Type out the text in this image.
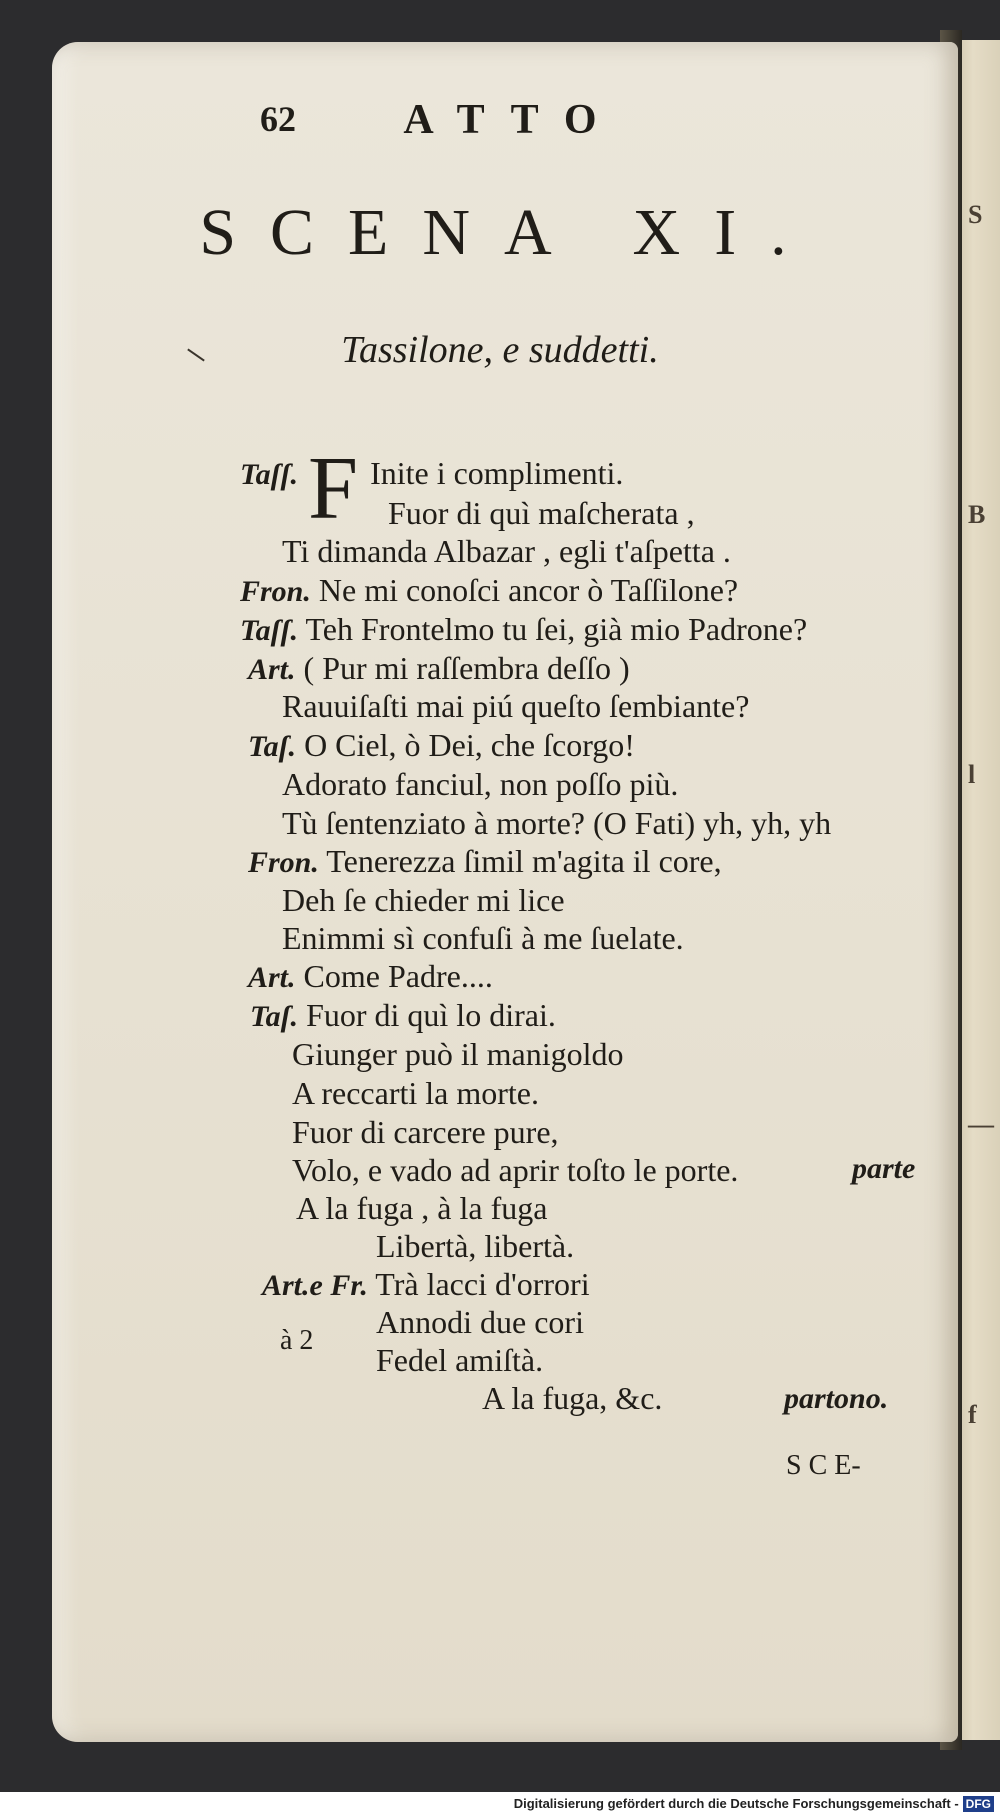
62	ATTO
SCENA XI.
Tassilone, e suddetti.
F
Taſſ. Inite i complimenti.
Fuor di quì maſcherata ,
Ti dimanda Albazar , egli t'aſpetta .
Fron. Ne mi conoſci ancor ò Taſſilone?
Taſſ. Teh Frontelmo tu ſei, già mio Padrone?
Art. ( Pur mi raſſembra deſſo )
Rauuiſaſti mai piú queſto ſembiante?
Taſ. O Ciel, ò Dei, che ſcorgo!
Adorato fanciul, non poſſo più.
Tù ſentenziato à morte? (O Fati) yh, yh, yh
Fron. Tenerezza ſimil m'agita il core,
Deh ſe chieder mi lice
Enimmi sì confuſi à me ſuelate.
Art. Come Padre....
Taſ. Fuor di quì lo dirai.
Giunger può il manigoldo
A reccarti la morte.
Fuor di carcere pure,
Volo, e vado ad aprir toſto le porte.
A la fuga , à la fuga
Libertà, libertà.
Art.e Fr. Trà lacci d'orrori
Annodi due cori
Fedel amiſtà.
A la fuga, &c.
parte
partono.
à 2
S C E-
S
B
l
—
f
Digitalisierung gefördert durch die Deutsche Forschungsgemeinschaft - DFG
